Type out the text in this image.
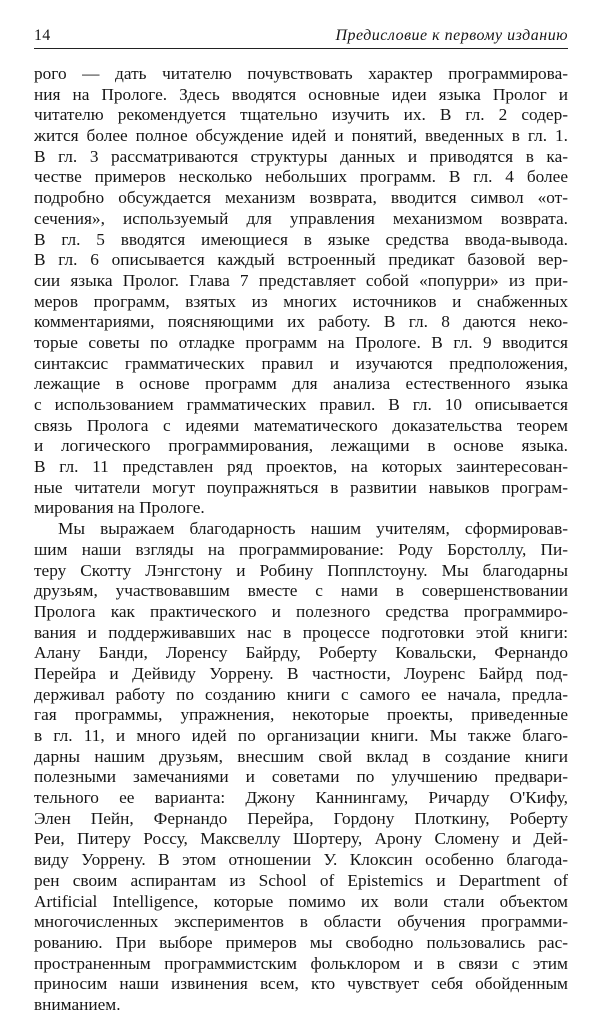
14	Предисловие к первому изданию
рого — дать читателю почувствовать характер программирова-
ния на Прологе. Здесь вводятся основные идеи языка Пролог и
читателю рекомендуется тщательно изучить их. В гл. 2 содер-
жится более полное обсуждение идей и понятий, введенных в гл. 1.
В гл. 3 рассматриваются структуры данных и приводятся в ка-
честве примеров несколько небольших программ. В гл. 4 более
подробно обсуждается механизм возврата, вводится символ «от-
сечения», используемый для управления механизмом возврата.
В гл. 5 вводятся имеющиеся в языке средства ввода-вывода.
В гл. 6 описывается каждый встроенный предикат базовой вер-
сии языка Пролог. Глава 7 представляет собой «попурри» из при-
меров программ, взятых из многих источников и снабженных
комментариями, поясняющими их работу. В гл. 8 даются неко-
торые советы по отладке программ на Прологе. В гл. 9 вводится
синтаксис грамматических правил и изучаются предположения,
лежащие в основе программ для анализа естественного языка
с использованием грамматических правил. В гл. 10 описывается
связь Пролога с идеями математического доказательства теорем
и логического программирования, лежащими в основе языка.
В гл. 11 представлен ряд проектов, на которых заинтересован-
ные читатели могут поупражняться в развитии навыков програм-
мирования на Прологе.
Мы выражаем благодарность нашим учителям, сформировав-
шим наши взгляды на программирование: Роду Борстоллу, Пи-
теру Скотту Лэнгстону и Робину Попплстоуну. Мы благодарны
друзьям, участвовавшим вместе с нами в совершенствовании
Пролога как практического и полезного средства программиро-
вания и поддерживавших нас в процессе подготовки этой книги:
Алану Банди, Лоренсу Байрду, Роберту Ковальски, Фернандо
Перейра и Дейвиду Уоррену. В частности, Лоуренс Байрд под-
держивал работу по созданию книги с самого ее начала, предла-
гая программы, упражнения, некоторые проекты, приведенные
в гл. 11, и много идей по организации книги. Мы также благо-
дарны нашим друзьям, внесшим свой вклад в создание книги
полезными замечаниями и советами по улучшению предвари-
тельного ее варианта: Джону Каннингаму, Ричарду О'Кифу,
Элен Пейн, Фернандо Перейра, Гордону Плоткину, Роберту
Реи, Питеру Россу, Максвеллу Шортеру, Арону Сломену и Дей-
виду Уоррену. В этом отношении У. Клоксин особенно благода-
рен своим аспирантам из School of Epistemics и Department of
Artificial Intelligence, которые помимо их воли стали объектом
многочисленных экспериментов в области обучения программи-
рованию. При выборе примеров мы свободно пользовались рас-
пространенным программистским фольклором и в связи с этим
приносим наши извинения всем, кто чувствует себя обойденным
вниманием.
